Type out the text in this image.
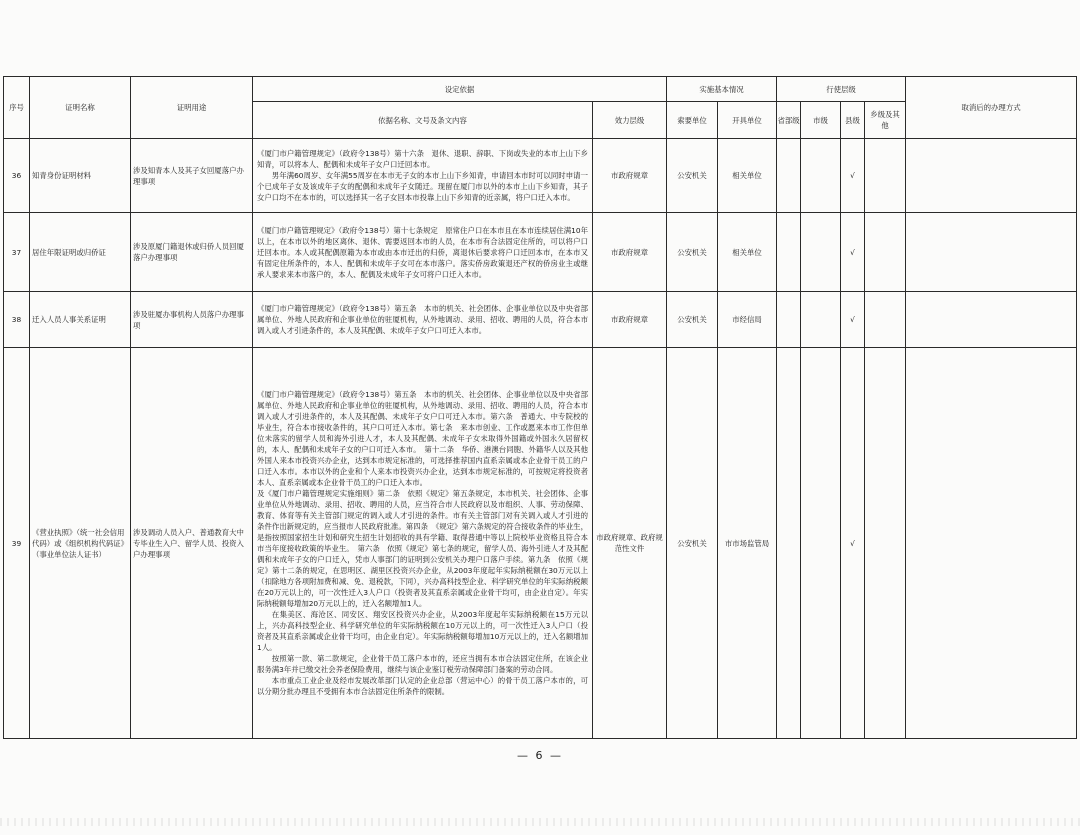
序号	证明名称	证明用途	设定依据		实施基本情况		行使层级				取消后的办理方式
			依据名称、文号及条文内容	效力层级	索要单位	开具单位	省部级	市级	县级	乡级及其他	
36	知青身份证明材料	涉及知青本人及其子女回厦落户办理事项	《厦门市户籍管理规定》（政府令138号）第十六条　退休、退职、辞职、下岗或失业的本市上山下乡知青，可以将本人、配偶和未成年子女户口迁回本市。

男年满60周岁、女年满55周岁在本市无子女的本市上山下乡知青，申请回本市时可以同时申请一个已成年子女及该成年子女的配偶和未成年子女随迁。现留在厦门市以外的本市上山下乡知青，其子女户口均不在本市的，可以选择其一名子女回本市投靠上山下乡知青的近亲属，将户口迁入本市。	市政府规章	公安机关	相关单位			√		
37	居住年限证明或归侨证	涉及原厦门籍退休或归侨人员回厦落户办理事项	《厦门市户籍管理规定》（政府令138号）第十七条规定　原常住户口在本市且在本市连续居住满10年以上，在本市以外的地区离休、退休、需要返回本市的人员，在本市有合法固定住所的，可以将户口迁回本市。本人或其配偶原籍为本市或由本市迁出的归侨，离退休后要求将户口迁回本市，在本市又有固定住所条件的，本人、配偶和未成年子女可在本市落户。落实侨房政策退还产权的侨房业主或继承人要求来本市落户的，本人、配偶及未成年子女可将户口迁入本市。	市政府规章	公安机关	相关单位			√		
38	迁入人员人事关系证明	涉及驻厦办事机构人员落户办理事项	《厦门市户籍管理规定》（政府令138号）第五条　本市的机关、社会团体、企事业单位以及中央省部属单位、外地人民政府和企事业单位的驻厦机构，从外地调动、录用、招收、聘用的人员，符合本市调入或人才引进条件的，本人及其配偶、未成年子女户口可迁入本市。	市政府规章	公安机关	市经信局			√		
39	《营业执照》（统一社会信用代码）或《组织机构代码证》（事业单位法人证书）	涉及调动人员入户、普通教育大中专毕业生入户、留学人员、投资入户办理事项	《厦门市户籍管理规定》（政府令138号）第五条　本市的机关、社会团体、企事业单位以及中央省部属单位、外地人民政府和企事业单位的驻厦机构，从外地调动、录用、招收、聘用的人员，符合本市调入或人才引进条件的，本人及其配偶、未成年子女户口可迁入本市。第六条　普通大、中专院校的毕业生，符合本市接收条件的，其户口可迁入本市。第七条　来本市创业、工作或愿来本市工作但单位未落实的留学人员和海外引进人才，本人及其配偶、未成年子女未取得外国籍或外国永久居留权的，本人、配偶和未成年子女的户口可迁入本市。　第十二条　华侨、港澳台同胞、外籍华人以及其他外国人来本市投资兴办企业，达到本市规定标准的，可选择推荐国内直系亲属或本企业骨干员工的户口迁入本市。本市以外的企业和个人来本市投资兴办企业，达到本市规定标准的，可按规定将投资者本人、直系亲属或本企业骨干员工的户口迁入本市。

及《厦门市户籍管理规定实施细则》第二条　依照《规定》第五条规定，本市机关、社会团体、企事业单位从外地调动、录用、招收、聘用的人员，应当符合市人民政府以及市组织、人事、劳动保障、教育、体育等有关主管部门规定的调入或人才引进的条件。市有关主管部门对有关调入或人才引进的条件作出新规定的，应当报市人民政府批准。第四条　《规定》第六条规定的符合接收条件的毕业生，是指按照国家招生计划和研究生招生计划招收的具有学籍、取得普通中等以上院校毕业资格且符合本市当年度接收政策的毕业生。　第六条　依照《规定》第七条的规定，留学人员、海外引进人才及其配偶和未成年子女的户口迁入，凭市人事部门的证明到公安机关办理户口落户手续。第九条　依照《规定》第十二条的规定，在思明区、湖里区投资兴办企业，从2003年度起年实际纳税额在30万元以上（扣除地方各项附加费和减、免、退税款，下同），兴办高科技型企业、科学研究单位的年实际纳税额在20万元以上的，可一次性迁入3人户口（投资者及其直系亲属或企业骨干均可，由企业自定）。年实际纳税额每增加20万元以上的，迁入名额增加1人。

在集美区、海沧区、同安区、翔安区投资兴办企业，从2003年度起年实际纳税额在15万元以上，兴办高科技型企业、科学研究单位的年实际纳税额在10万元以上的，可一次性迁入3人户口（投资者及其直系亲属或企业骨干均可，由企业自定）。年实际纳税额每增加10万元以上的，迁入名额增加1人。

按照第一款、第二款规定，企业骨干员工落户本市的，还应当拥有本市合法固定住所，在该企业服务满3年并已缴交社会养老保险费用，继续与该企业鉴订税劳动保障部门备案的劳动合同。

本市重点工业企业及经市发展改革部门认定的企业总部（营运中心）的骨干员工落户本市的，可以分期分批办理且不受拥有本市合法固定住所条件的限制。	市政府规章、政府规范性文件	公安机关	市市场监管局			√		
— 6 —
